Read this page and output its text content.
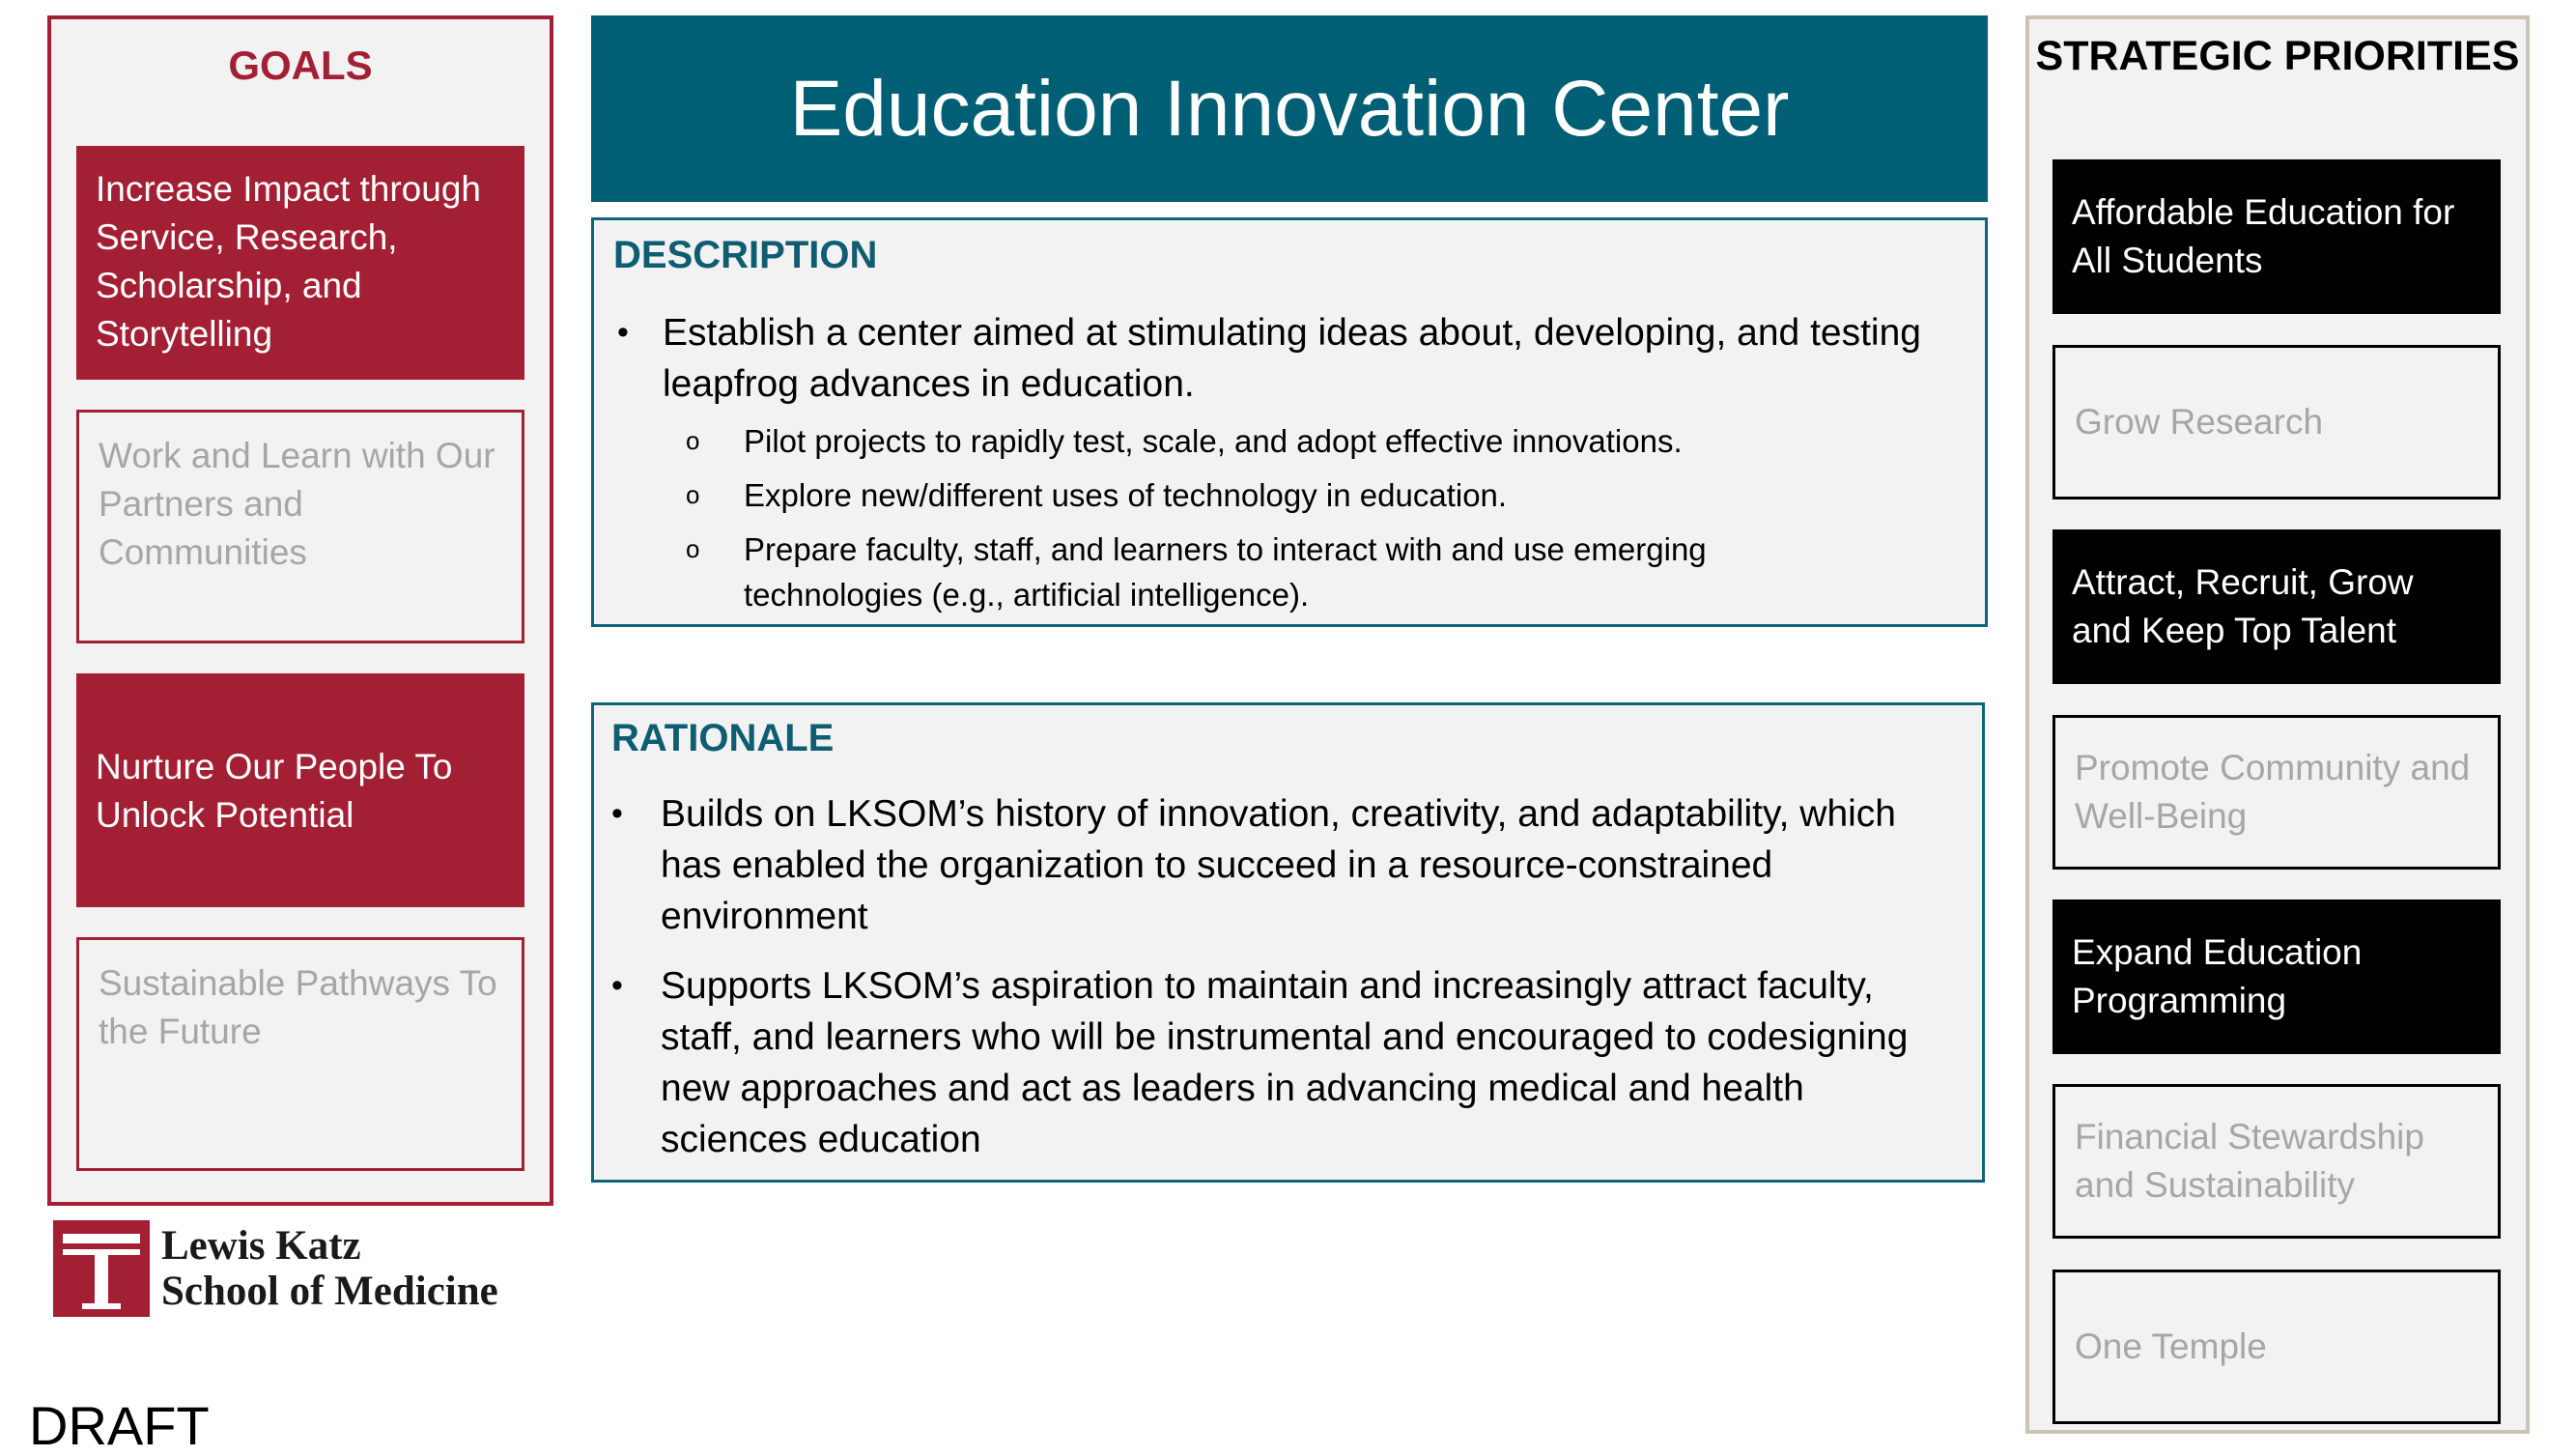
GOALS
Increase Impact through Service, Research, Scholarship, and Storytelling
Work and Learn with Our Partners and Communities
Nurture Our People To Unlock Potential
Sustainable Pathways To the Future
Education Innovation Center
DESCRIPTION
• Establish a center aimed at stimulating ideas about, developing, and testing leapfrog advances in education.
o Pilot projects to rapidly test, scale, and adopt effective innovations.
o Explore new/different uses of technology in education.
o Prepare faculty, staff, and learners to interact with and use emerging technologies (e.g., artificial intelligence).
RATIONALE
• Builds on LKSOM’s history of innovation, creativity, and adaptability, which has enabled the organization to succeed in a resource-constrained environment
• Supports LKSOM’s aspiration to maintain and increasingly attract faculty, staff, and learners who will be instrumental and encouraged to codesigning new approaches and act as leaders in advancing medical and health sciences education
STRATEGIC PRIORITIES
Affordable Education for All Students
Grow Research
Attract, Recruit, Grow and Keep Top Talent
Promote Community and Well-Being
Expand Education Programming
Financial Stewardship and Sustainability
One Temple
Lewis Katz
School of Medicine
DRAFT
